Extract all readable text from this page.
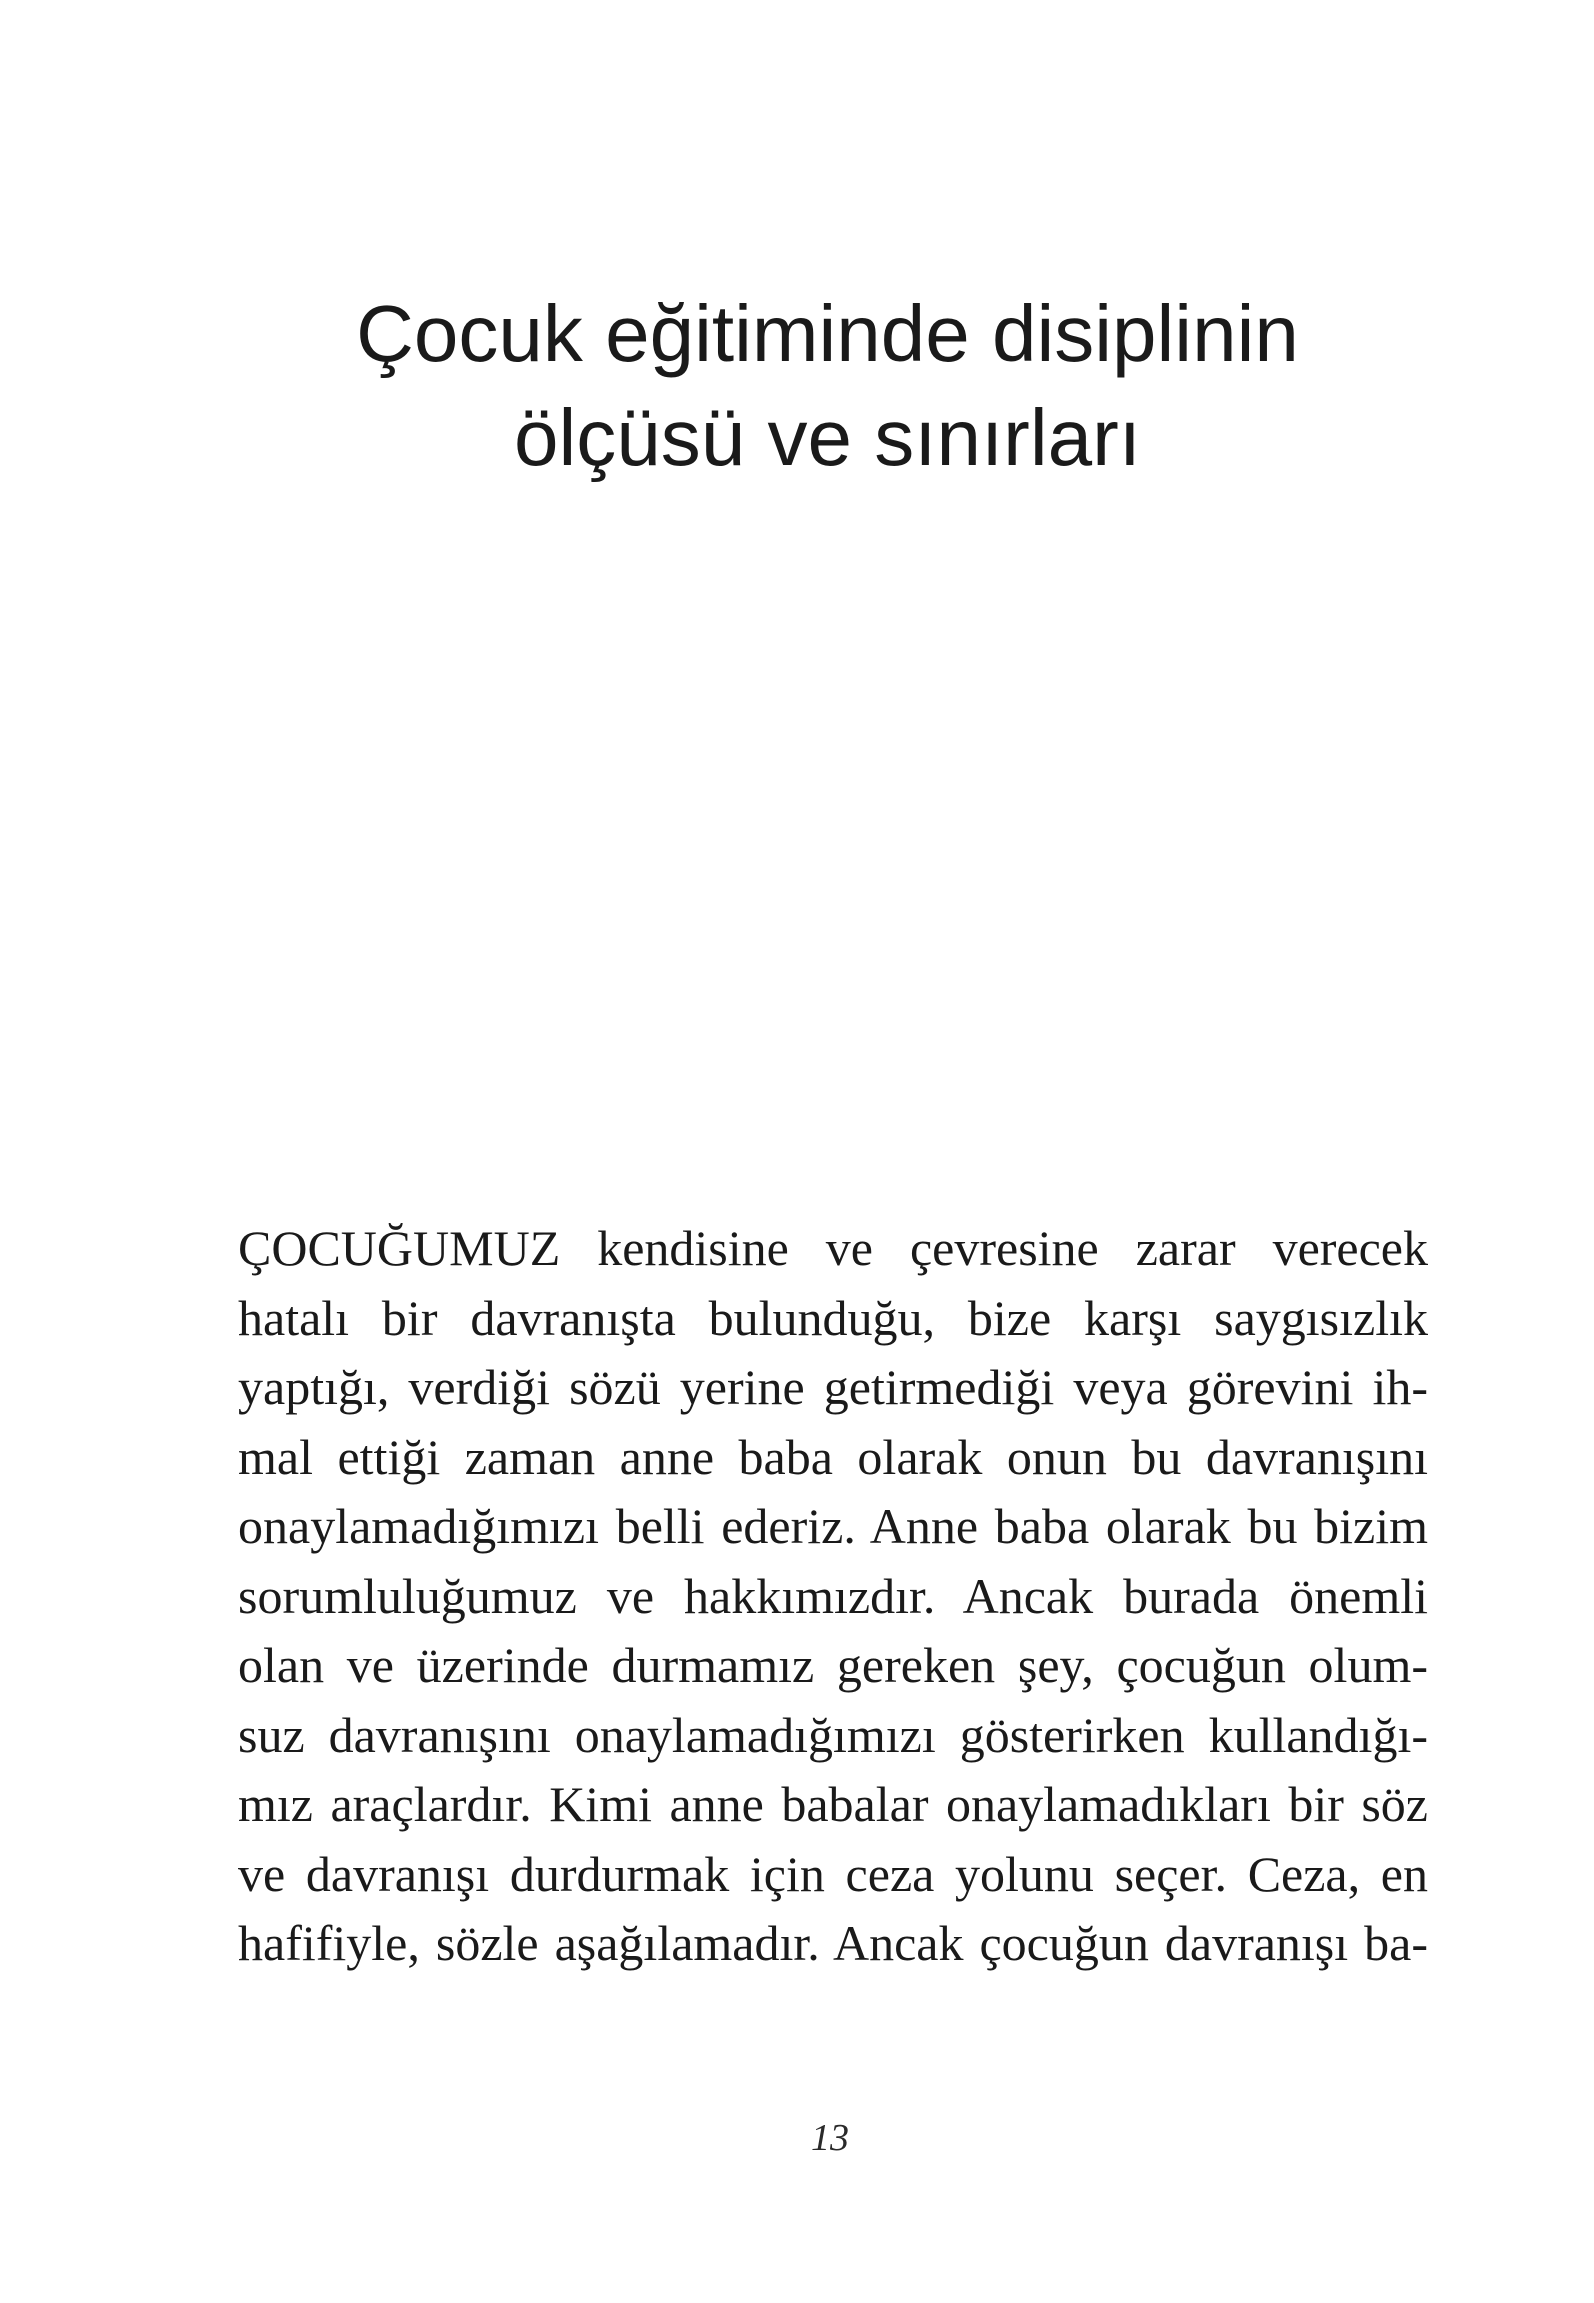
Çocuk eğitiminde disiplinin
ölçüsü ve sınırları
ÇOCUĞUMUZ kendisine ve çevresine zarar verecek
hatalı bir davranışta bulunduğu, bize karşı saygısızlık
yaptığı, verdiği sözü yerine getirmediği veya görevini ih-
mal ettiği zaman anne baba olarak onun bu davranışını
onaylamadığımızı belli ederiz. Anne baba olarak bu bizim
sorumluluğumuz ve hakkımızdır. Ancak burada önemli
olan ve üzerinde durmamız gereken şey, çocuğun olum-
suz davranışını onaylamadığımızı gösterirken kullandığı-
mız araçlardır. Kimi anne babalar onaylamadıkları bir söz
ve davranışı durdurmak için ceza yolunu seçer. Ceza, en
hafifiyle, sözle aşağılamadır. Ancak çocuğun davranışı ba-
13
